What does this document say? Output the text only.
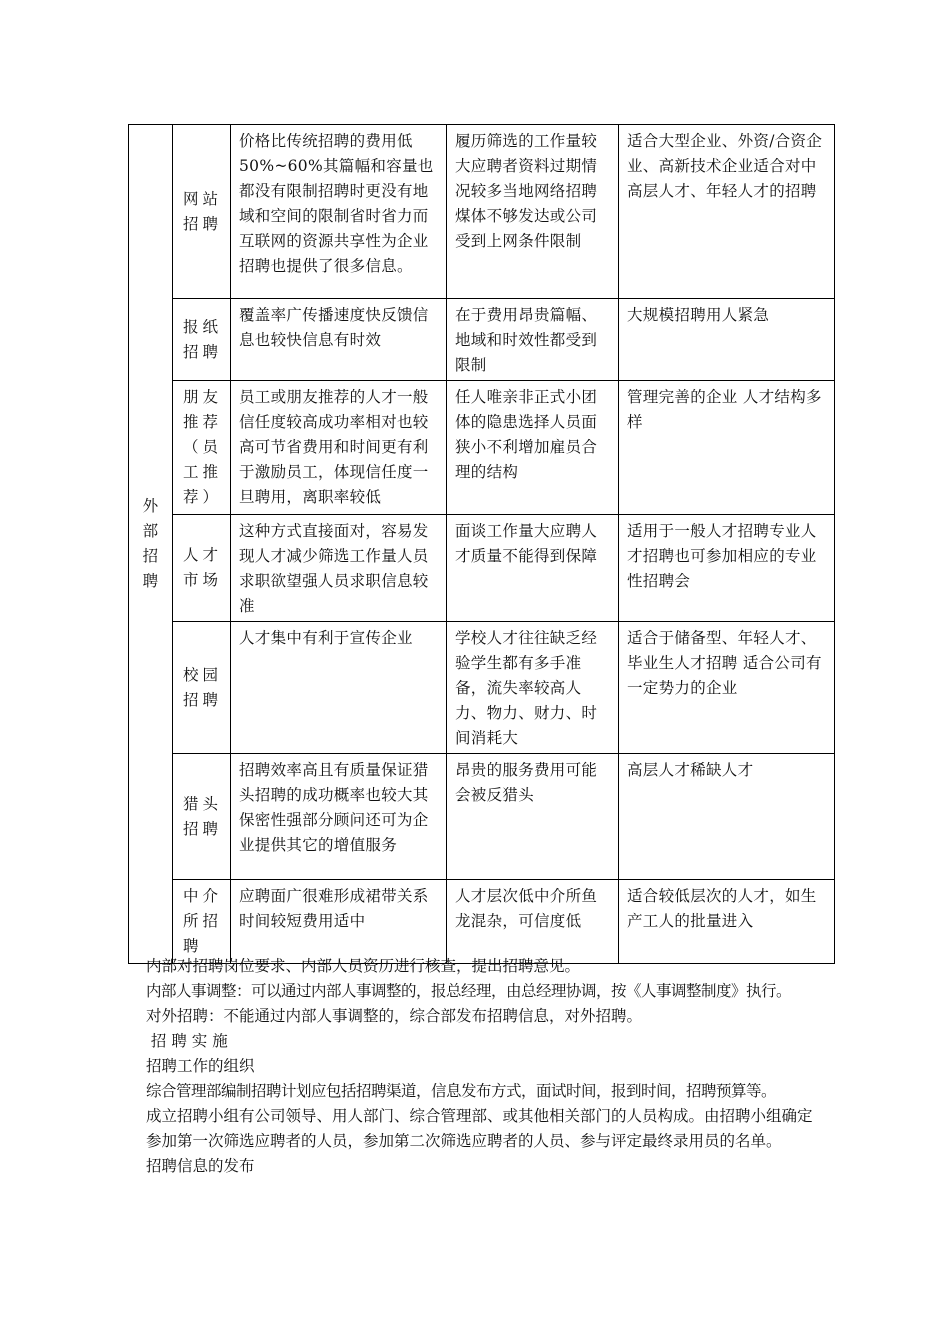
外部招聘	网站招聘	价格比传统招聘的费用低50%~60%其篇幅和容量也都没有限制招聘时更没有地域和空间的限制省时省力而互联网的资源共享性为企业招聘也提供了很多信息。	履历筛选的工作量较大应聘者资料过期情况较多当地网络招聘煤体不够发达或公司受到上网条件限制	适合大型企业、外资/合资企业、高新技术企业适合对中高层人才、年轻人才的招聘
	报纸招聘	覆盖率广传播速度快反馈信息也较快信息有时效	在于费用昂贵篇幅、地域和时效性都受到限制	大规模招聘用人紧急
	朋友推荐（员工推荐）	员工或朋友推荐的人才一般信任度较高成功率相对也较高可节省费用和时间更有利于激励员工，体现信任度一旦聘用，离职率较低	任人唯亲非正式小团体的隐患选择人员面狭小不利增加雇员合理的结构	管理完善的企业 人才结构多样
	人才市场	这种方式直接面对，容易发现人才减少筛选工作量人员求职欲望强人员求职信息较准	面谈工作量大应聘人才质量不能得到保障	适用于一般人才招聘专业人才招聘也可参加相应的专业性招聘会
	校园招聘	人才集中有利于宣传企业	学校人才往往缺乏经验学生都有多手准备，流失率较高人力、物力、财力、时间消耗大	适合于储备型、年轻人才、毕业生人才招聘 适合公司有一定势力的企业
	猎头招聘	招聘效率高且有质量保证猎头招聘的成功概率也较大其保密性强部分顾问还可为企业提供其它的增值服务	昂贵的服务费用可能会被反猎头	高层人才稀缺人才
	中介所招聘	应聘面广很难形成裙带关系时间较短费用适中	人才层次低中介所鱼龙混杂，可信度低	适合较低层次的人才，如生产工人的批量进入

内部对招聘岗位要求、内部人员资历进行核查，提出招聘意见。

内部人事调整：可以通过内部人事调整的，报总经理，由总经理协调，按《人事调整制度》执行。

对外招聘：不能通过内部人事调整的，综合部发布招聘信息，对外招聘。

招 聘 实 施

招聘工作的组织

综合管理部编制招聘计划应包括招聘渠道，信息发布方式，面试时间，报到时间，招聘预算等。

成立招聘小组有公司领导、用人部门、综合管理部、或其他相关部门的人员构成。由招聘小组确定参加第一次筛选应聘者的人员，参加第二次筛选应聘者的人员、参与评定最终录用员的名单。

招聘信息的发布
